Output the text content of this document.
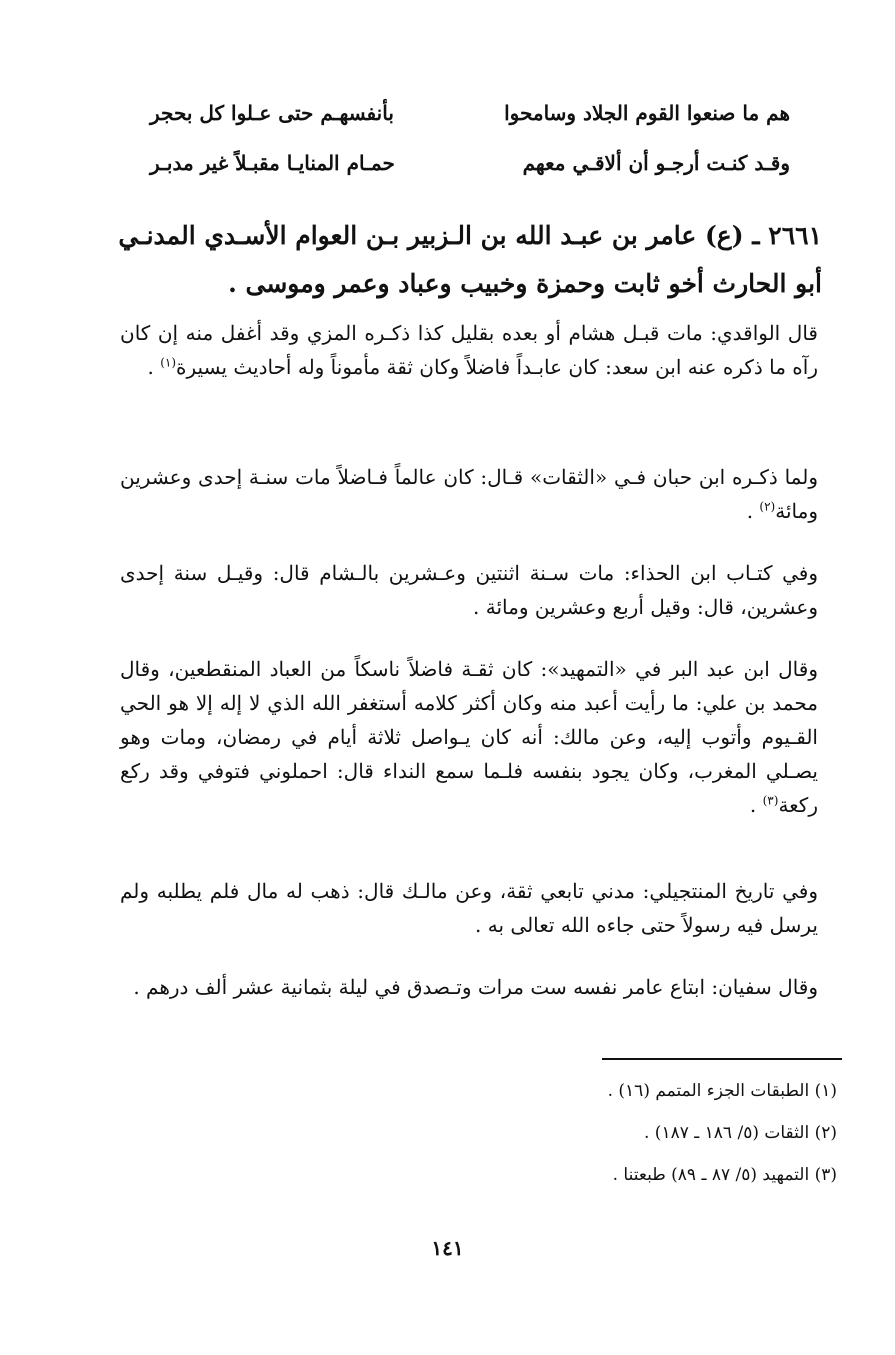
هم ما صنعوا القوم الجلاد وسامحوا
بأنفسهـم حتى عـلوا كل بحجر
وقـد كنـت أرجـو أن ألاقـي معهم
حمـام المنايـا مقبـلاً غير مدبـر
٢٦٦١ ـ (ع) عامر بن عبـد الله بن الـزبير بـن العوام الأسـدي المدنـي أبو الحارث أخو ثابت وحمزة وخبيب وعباد وعمر وموسى .

قال الواقدي: مات قبـل هشام أو بعده بقليل كذا ذكـره المزي وقد أغفل منه إن كان رآه ما ذكره عنه ابن سعد: كان عابـداً فاضلاً وكان ثقة مأموناً وله أحاديث يسيرة$^{(١)}$ .

ولما ذكـره ابن حبان فـي «الثقات» قـال: كان عالماً فـاضلاً مات سنـة إحدى وعشرين ومائة$^{(٢)}$ .

وفي كتـاب ابن الحذاء: مات سـنة اثنتين وعـشرين بالـشام قال: وقيـل سنة إحدى وعشرين، قال: وقيل أربع وعشرين ومائة .

وقال ابن عبد البر في «التمهيد»: كان ثقـة فاضلاً ناسكاً من العباد المنقطعين، وقال محمد بن علي: ما رأيت أعبد منه وكان أكثر كلامه أستغفر الله الذي لا إله إلا هو الحي القـيوم وأتوب إليه، وعن مالك: أنه كان يـواصل ثلاثة أيام في رمضان، ومات وهو يصـلي المغرب، وكان يجود بنفسه فلـما سمع النداء قال: احملوني فتوفي وقد ركع ركعة$^{(٣)}$ .

وفي تاريخ المنتجيلي: مدني تابعي ثقة، وعن مالـك قال: ذهب له مال فلم يطلبه ولم يرسل فيه رسولاً حتى جاءه الله تعالى به .

وقال سفيان: ابتاع عامر نفسه ست مرات وتـصدق في ليلة بثمانية عشر ألف درهم .

(١) الطبقات الجزء المتمم (١٦) .
(٢) الثقات (٥/ ١٨٦ ـ ١٨٧) .
(٣) التمهيد (٥/ ٨٧ ـ ٨٩) طبعتنا .
١٤١
